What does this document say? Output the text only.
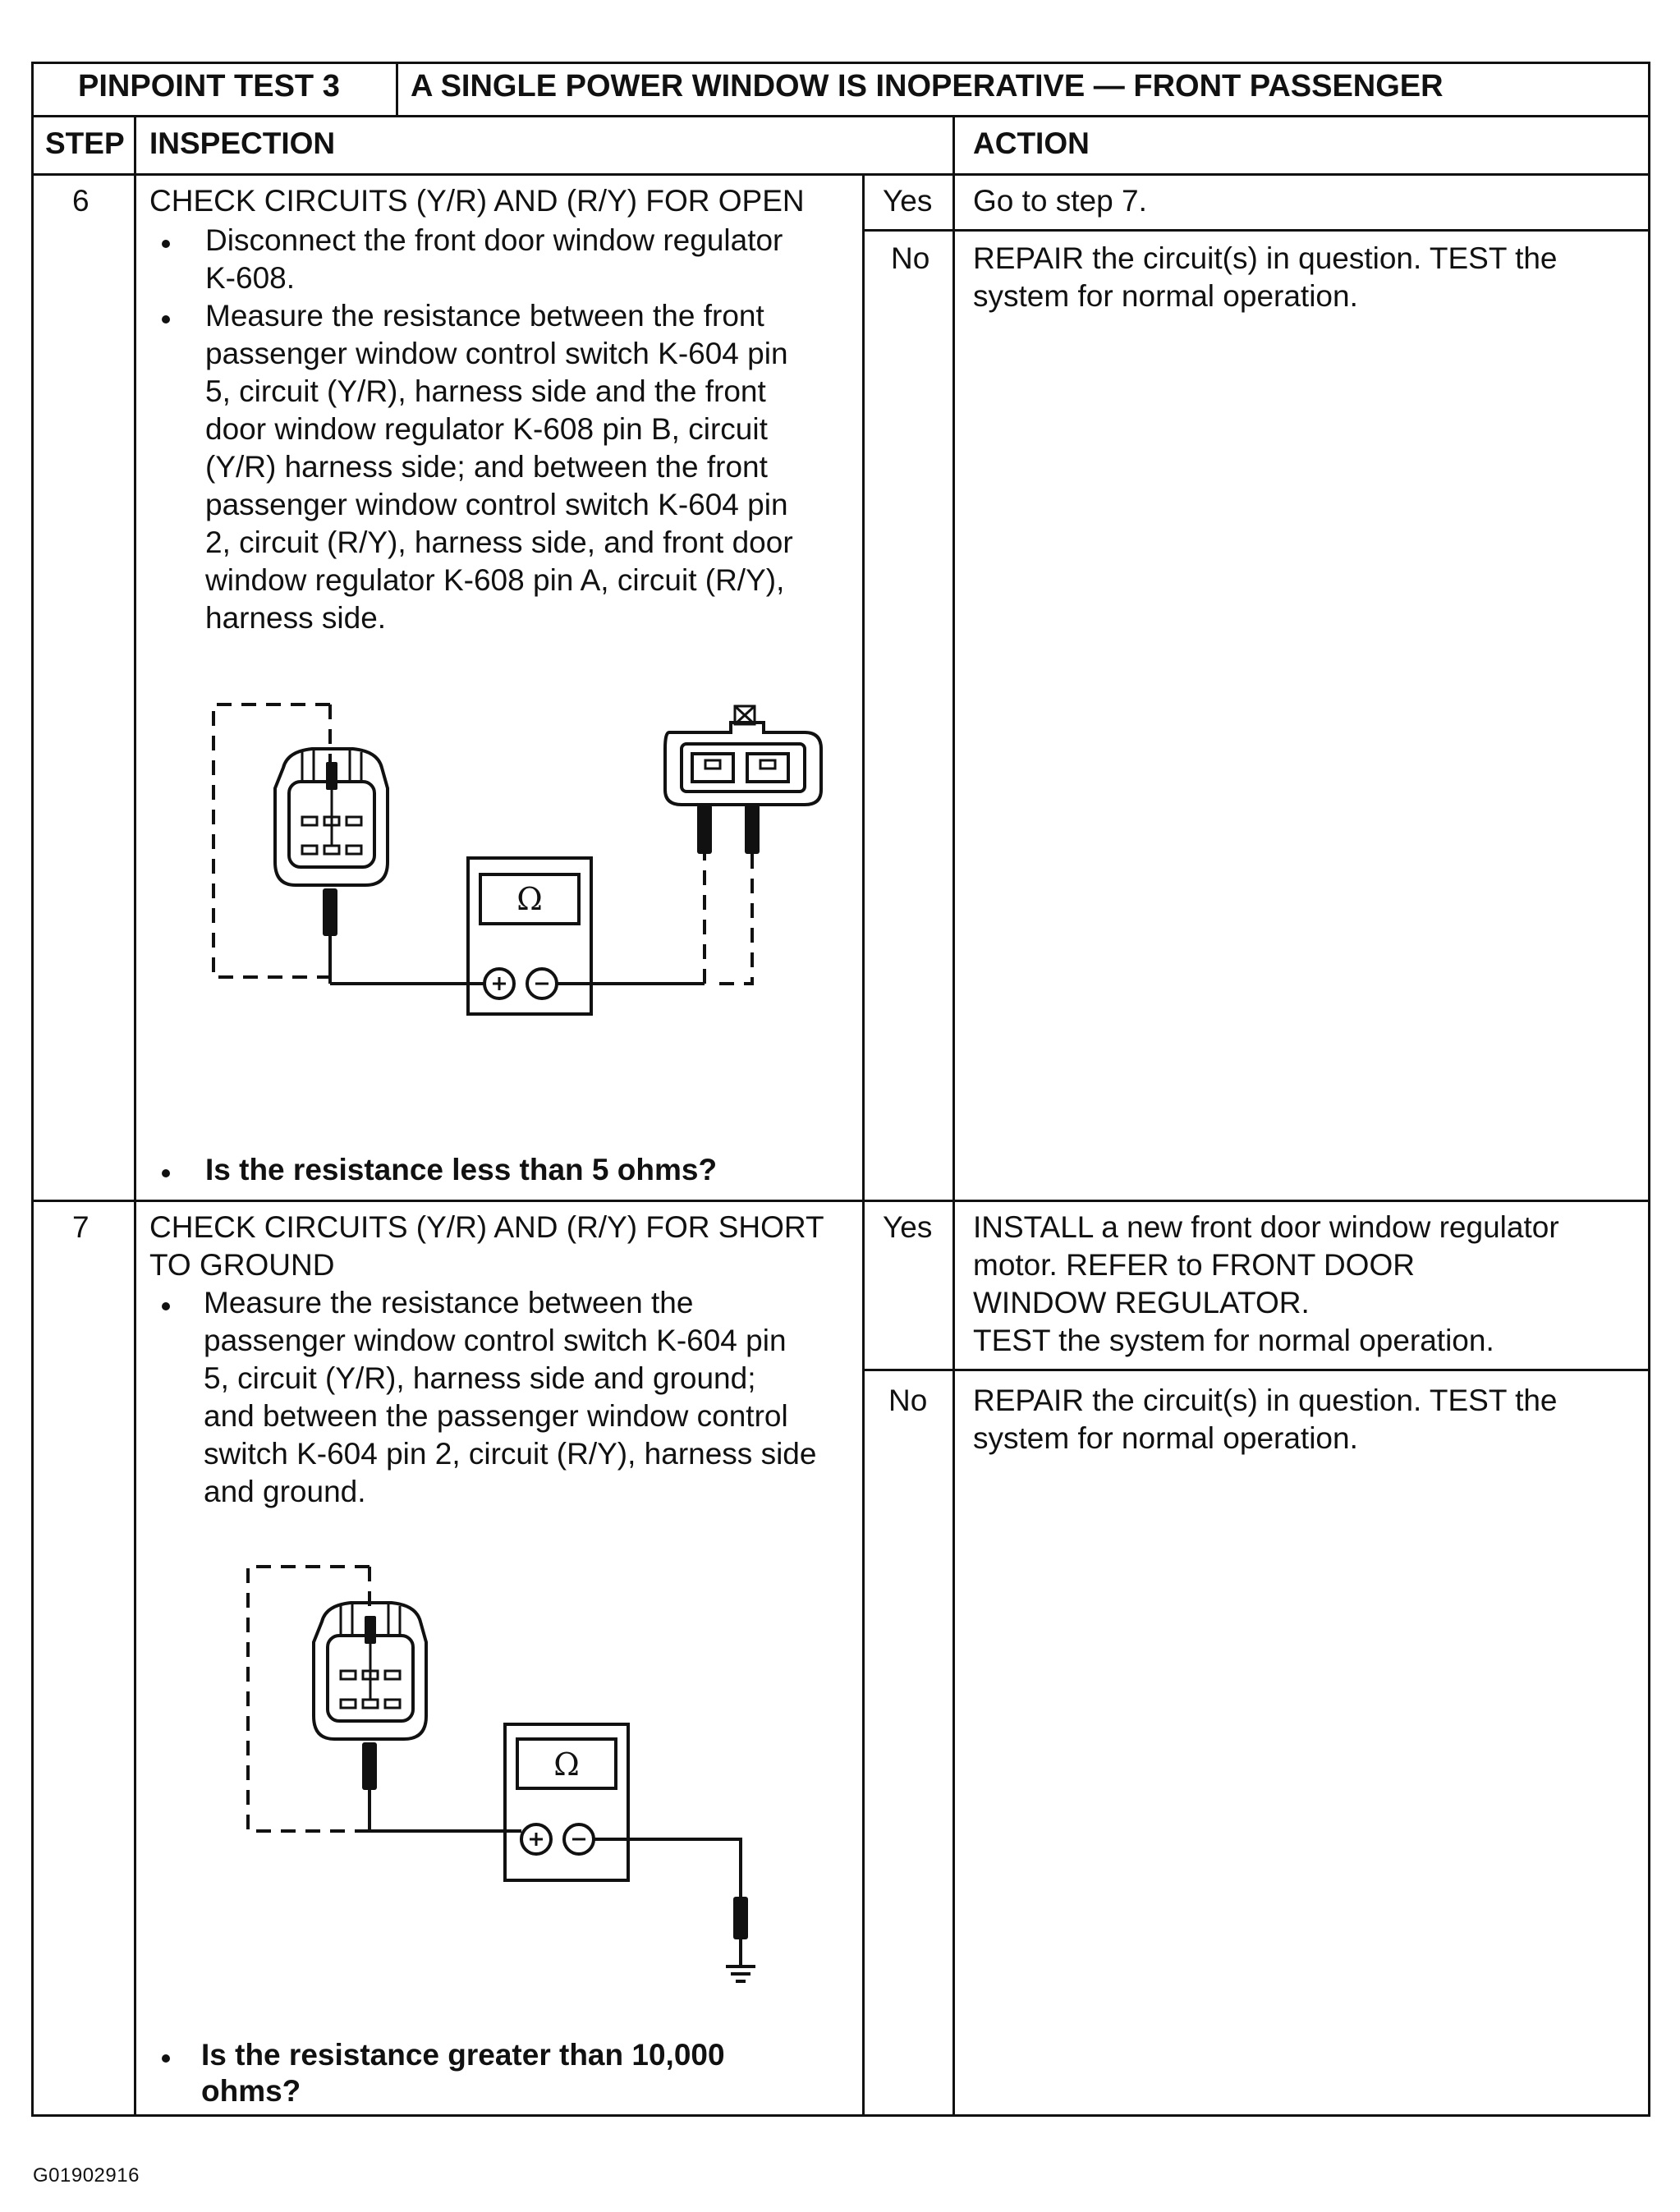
PINPOINT TEST 3 A SINGLE POWER WINDOW IS INOPERATIVE — FRONT PASSENGER
STEP INSPECTION	ACTION
6 CHECK CIRCUITS (Y/R) AND (R/Y) FOR OPEN
Disconnect the front door window regulator
K-608.
Measure the resistance between the front
passenger window control switch K-604 pin
5, circuit (Y/R), harness side and the front
door window regulator K-608 pin B, circuit
(Y/R) harness side; and between the front
passenger window control switch K-604 pin
2, circuit (R/Y), harness side, and front door
window regulator K-608 pin A, circuit (R/Y),
harness side.
Ω
Is the resistance less than 5 ohms?
Yes Go to step 7.
No REPAIR the circuit(s) in question. TEST the
system for normal operation.
7 CHECK CIRCUITS (Y/R) AND (R/Y) FOR SHORT
TO GROUND
Measure the resistance between the
passenger window control switch K-604 pin
5, circuit (Y/R), harness side and ground;
and between the passenger window control
switch K-604 pin 2, circuit (R/Y), harness side
and ground.
Ω
Is the resistance greater than 10,000
ohms?
Yes INSTALL a new front door window regulator
motor. REFER to FRONT DOOR
WINDOW REGULATOR.
TEST the system for normal operation.
No REPAIR the circuit(s) in question. TEST the
system for normal operation.
G01902916
